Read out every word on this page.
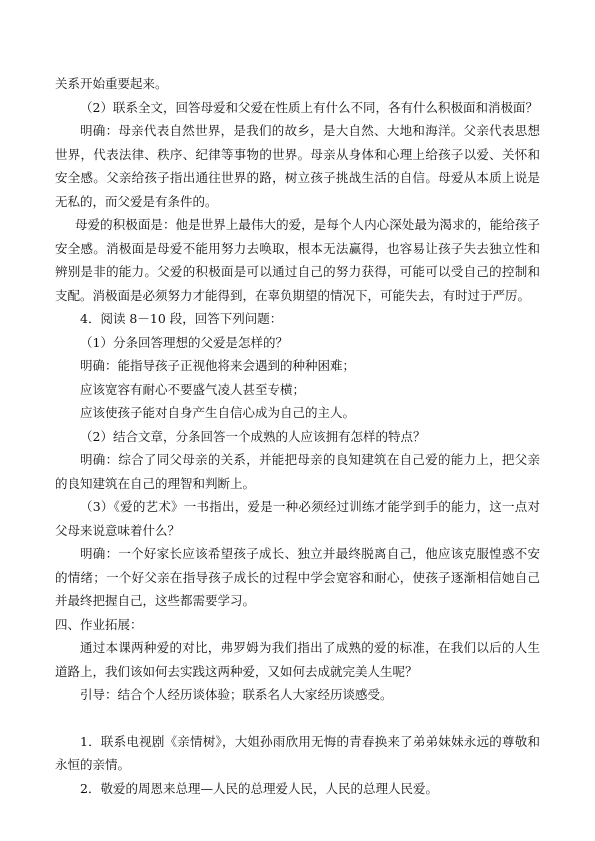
关系开始重要起来。

（2）联系全文，回答母爱和父爱在性质上有什么不同，各有什么积极面和消极面？

明确：母亲代表自然世界，是我们的故乡，是大自然、大地和海洋。父亲代表思想世界，代表法律、秩序、纪律等事物的世界。母亲从身体和心理上给孩子以爱、关怀和安全感。父亲给孩子指出通往世界的路，树立孩子挑战生活的自信。母爱从本质上说是无私的，而父爱是有条件的。

母爱的积极面是：他是世界上最伟大的爱，是每个人内心深处最为渴求的，能给孩子安全感。消极面是母爱不能用努力去唤取，根本无法赢得，也容易让孩子失去独立性和辨别是非的能力。父爱的积极面是可以通过自己的努力获得，可能可以受自己的控制和支配。消极面是必须努力才能得到，在辜负期望的情况下，可能失去，有时过于严厉。

4．阅读 8－10 段，回答下列问题：

（1）分条回答理想的父爱是怎样的？

明确：能指导孩子正视他将来会遇到的种种困难；

应该宽容有耐心不要盛气凌人甚至专横；

应该使孩子能对自身产生自信心成为自己的主人。

（2）结合文章，分条回答一个成熟的人应该拥有怎样的特点？

明确：综合了同父母亲的关系，并能把母亲的良知建筑在自己爱的能力上，把父亲的良知建筑在自己的理智和判断上。

（3）《爱的艺术》一书指出，爱是一种必须经过训练才能学到手的能力，这一点对父母来说意味着什么？

明确：一个好家长应该希望孩子成长、独立并最终脱离自己，他应该克服惶惑不安的情绪；一个好父亲在指导孩子成长的过程中学会宽容和耐心，使孩子逐渐相信她自己并最终把握自己，这些都需要学习。

四、作业拓展：

通过本课两种爱的对比，弗罗姆为我们指出了成熟的爱的标准，在我们以后的人生道路上，我们该如何去实践这两种爱，又如何去成就完美人生呢？

引导：结合个人经历谈体验；联系名人大家经历谈感受。

1．联系电视剧《亲情树》，大姐孙雨欣用无悔的青春换来了弟弟妹妹永远的尊敬和永恒的亲情。

2．敬爱的周恩来总理—人民的总理爱人民，人民的总理人民爱。
